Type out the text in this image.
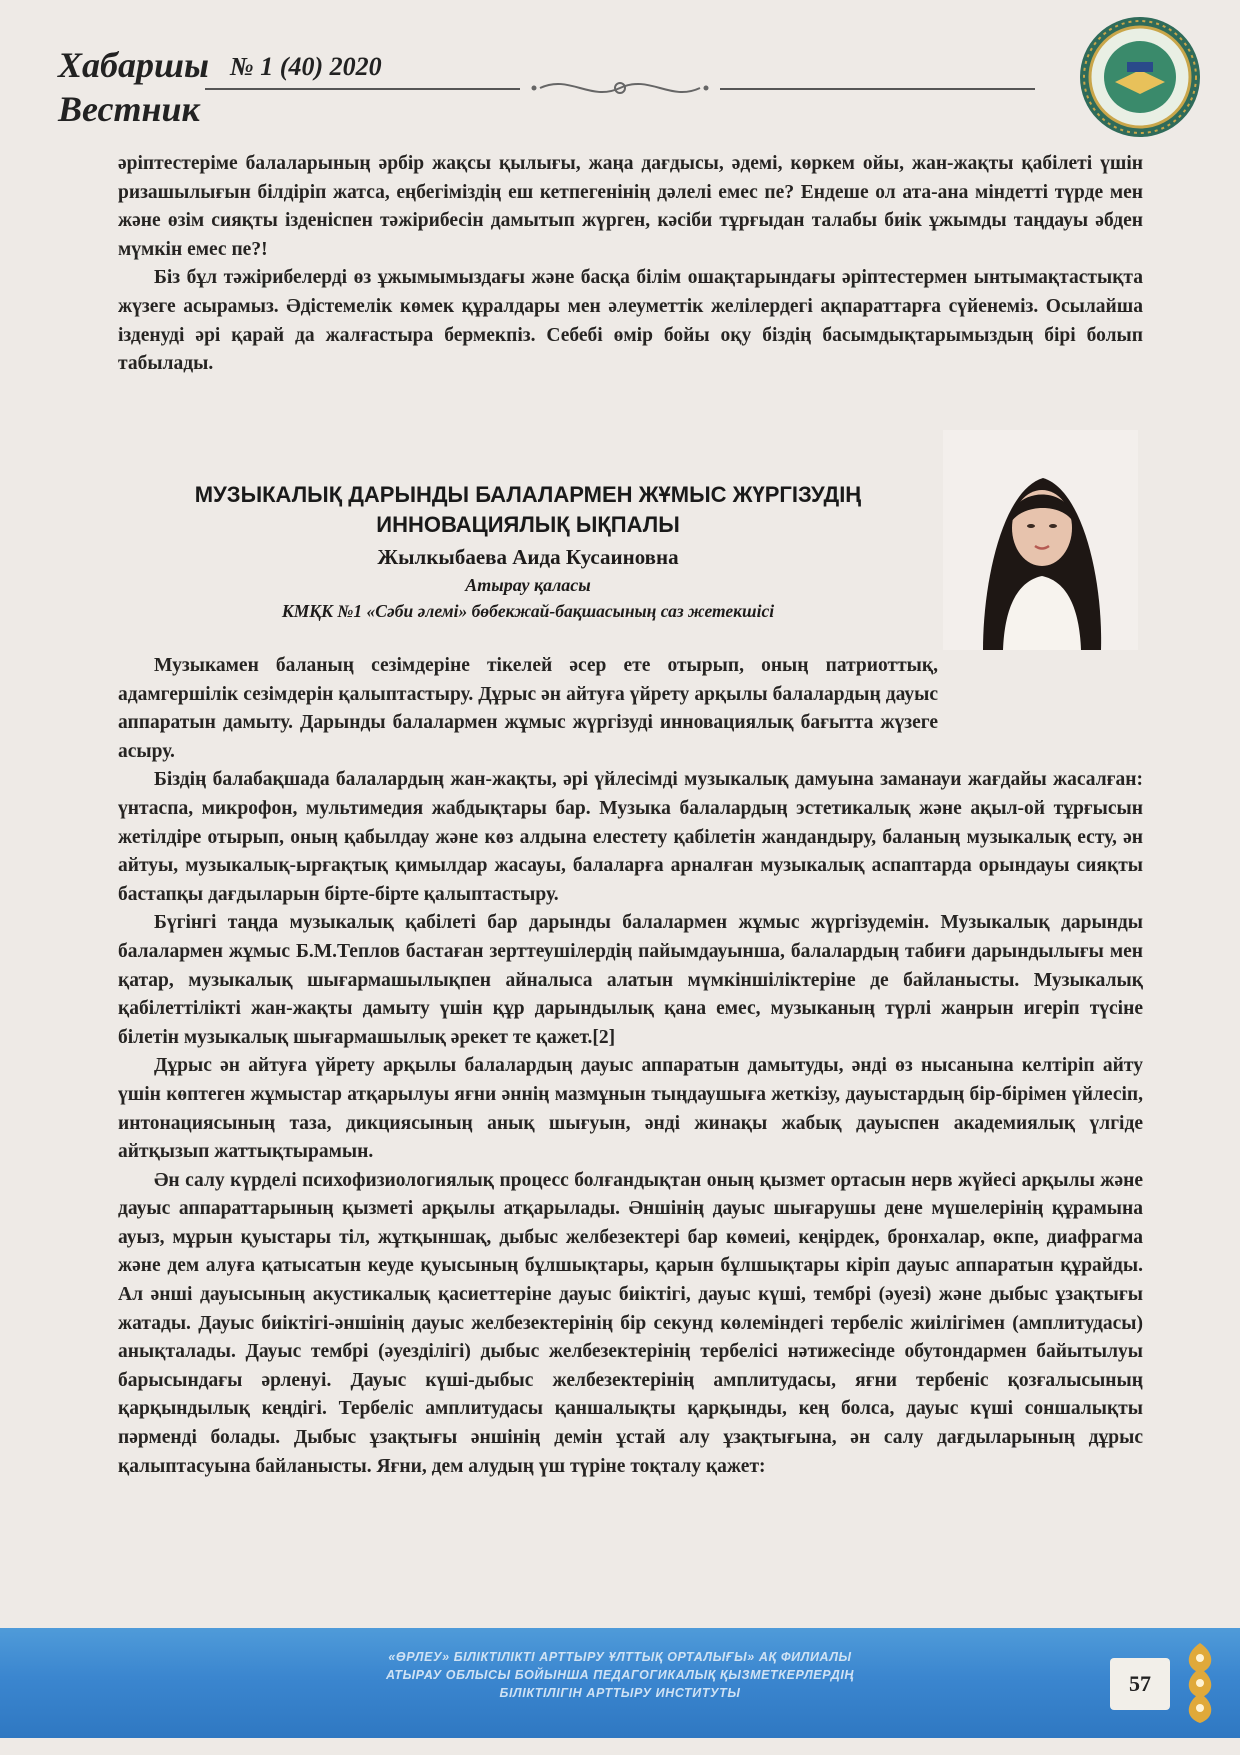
Хабаршы
Вестник
№ 1 (40) 2020

әріптестеріме балаларының әрбір жақсы қылығы, жаңа дағдысы, әдемі, көркем ойы, жан-жақты қабілеті үшін ризашылығын білдіріп жатса, еңбегіміздің еш кетпегенінің дәлелі емес пе? Ендеше ол ата-ана міндетті түрде мен және өзім сияқты ізденіспен тәжірибесін дамытып жүрген, кәсіби тұрғыдан талабы биік ұжымды таңдауы әбден мүмкін емес пе?!

Біз бұл тәжірибелерді өз ұжымымыздағы және басқа білім ошақтарындағы әріптестермен ынтымақтастықта жүзеге асырамыз. Әдістемелік көмек құралдары мен әлеуметтік желілердегі ақпараттарға сүйенеміз. Осылайша ізденуді әрі қарай да жалғастыра бермекпіз. Себебі өмір бойы оқу біздің басымдықтарымыздың бірі болып табылады.

МУЗЫКАЛЫҚ ДАРЫНДЫ БАЛАЛАРМЕН ЖҰМЫС ЖҮРГІЗУДІҢ
ИННОВАЦИЯЛЫҚ ЫҚПАЛЫ
Жылкыбаева Аида Кусаиновна
Атырау қаласы
КМҚК №1 «Сәби әлемі» бөбекжай-бақшасының саз жетекшісі

Музыкамен баланың сезімдеріне тікелей әсер ете отырып, оның патриоттық, адамгершілік сезімдерін қалыптастыру. Дұрыс ән айтуға үйрету арқылы балалардың дауыс аппаратын дамыту. Дарынды балалармен жұмыс жүргізуді инновациялық бағытта жүзеге асыру.

Біздің балабақшада балалардың жан-жақты, әрі үйлесімді музыкалық дамуына заманауи жағдайы жасалған: үнтаспа, микрофон, мультимедия жабдықтары бар. Музыка балалардың эстетикалық және ақыл-ой тұрғысын жетілдіре отырып, оның қабылдау және көз алдына елестету қабілетін жандандыру, баланың музыкалық есту, ән айтуы, музыкалық-ырғақтық қимылдар жасауы, балаларға арналған музыкалық аспаптарда орындауы сияқты бастапқы дағдыларын бірте-бірте қалыптастыру.

Бүгінгі таңда музыкалық қабілеті бар дарынды балалармен жұмыс жүргізудемін. Музыкалық дарынды балалармен жұмыс Б.М.Теплов бастаған зерттеушілердің пайымдауынша, балалардың табиғи дарындылығы мен қатар, музыкалық шығармашылықпен айналыса алатын мүмкіншіліктеріне де байланысты. Музыкалық қабілеттілікті жан-жақты дамыту үшін құр дарындылық қана емес, музыканың түрлі жанрын игеріп түсіне білетін музыкалық шығармашылық әрекет те қажет.[2]

Дұрыс ән айтуға үйрету арқылы балалардың дауыс аппаратын дамытуды, әнді өз нысанына келтіріп айту үшін көптеген жұмыстар атқарылуы яғни әннің мазмұнын тыңдаушыға жеткізу, дауыстардың бір-бірімен үйлесіп, интонациясының таза, дикциясының анық шығуын, әнді жинақы жабық дауыспен академиялық үлгіде айтқызып жаттықтырамын.

Ән салу күрделі психофизиологиялық процесс болғандықтан оның қызмет ортасын нерв жүйесі арқылы және дауыс аппараттарының қызметі арқылы атқарылады. Әншінің дауыс шығарушы дене мүшелерінің құрамына ауыз, мұрын қуыстары тіл, жұтқыншақ, дыбыс желбезектері бар көмеиі, кеңірдек, бронхалар, өкпе, диафрагма және дем алуға қатысатын кеуде қуысының бұлшықтары, қарын бұлшықтары кіріп дауыс аппаратын құрайды. Ал әнші дауысының акустикалық қасиеттеріне дауыс биіктігі, дауыс күші, тембрі (әуезі) және дыбыс ұзақтығы жатады. Дауыс биіктігі-әншінің дауыс желбезектерінің бір секунд көлеміндегі тербеліс жиілігімен (амплитудасы) анықталады. Дауыс тембрі (әуезділігі) дыбыс желбезектерінің тербелісі нәтижесінде обутондармен байытылуы барысындағы әрленуі. Дауыс күші-дыбыс желбезектерінің амплитудасы, яғни тербеніс қозғалысының қарқындылық кеңдігі. Тербеліс амплитудасы қаншалықты қарқынды, кең болса, дауыс күші соншалықты пәрменді болады. Дыбыс ұзақтығы әншінің демін ұстай алу ұзақтығына, ән салу дағдыларының дұрыс қалыптасуына байланысты. Яғни, дем алудың үш түріне тоқталу қажет:

«ӨРЛЕУ» БІЛІКТІЛІКТІ АРТТЫРУ ҰЛТТЫҚ ОРТАЛЫҒЫ» АҚ ФИЛИАЛЫ
АТЫРАУ ОБЛЫСЫ БОЙЫНША ПЕДАГОГИКАЛЫҚ ҚЫЗМЕТКЕРЛЕРДІҢ
БІЛІКТІЛІГІН АРТТЫРУ ИНСТИТУТЫ	57
